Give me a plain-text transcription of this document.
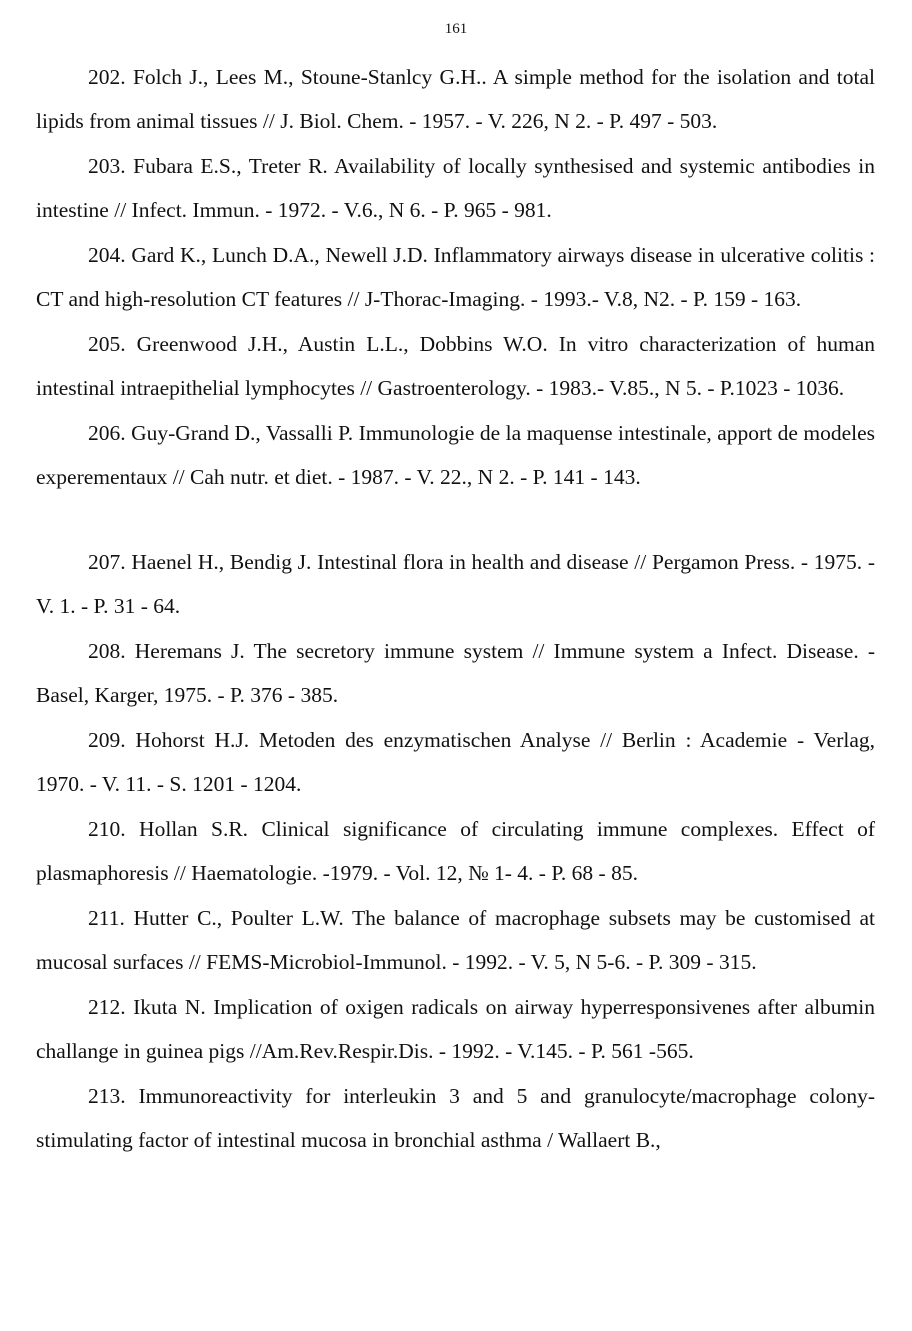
161

202. Folch J., Lees M., Stoune-Stanlcy G.H.. A simple method for the isolation and total lipids from animal tissues // J. Biol. Chem. - 1957. - V. 226, N 2. - P. 497 - 503.

203. Fubara E.S., Treter R. Availability of locally synthesised and systemic antibodies in intestine // Infect. Immun. - 1972. - V.6., N 6. - P. 965 - 981.

204. Gard K., Lunch D.A., Newell J.D. Inflammatory airways disease in ulcerative colitis : CT and high-resolution CT features // J-Thorac-Imaging. - 1993.- V.8, N2. - P. 159 - 163.

205. Greenwood J.H., Austin L.L., Dobbins W.O. In vitro characterization of human intestinal intraepithelial lymphocytes // Gastroenterology. - 1983.- V.85., N 5. - P.1023 - 1036.

206. Guy-Grand D., Vassalli P. Immunologie de la maquense intestinale, apport de modeles experementaux // Cah nutr. et diet. - 1987. - V. 22., N 2. - P. 141 - 143.

207. Haenel H., Bendig J. Intestinal flora in health and disease // Pergamon Press. - 1975. - V. 1. - P. 31 - 64.

208. Heremans J. The secretory immune system // Immune system a Infect. Disease. - Basel, Karger, 1975. - P. 376 - 385.

209. Hohorst H.J. Metoden des enzymatischen Analyse // Berlin : Academie - Verlag, 1970. - V. 11. - S. 1201 - 1204.

210. Hollan S.R. Clinical significance of circulating immune complexes. Effect of plasmaphoresis // Haematologie. -1979. - Vol. 12, № 1- 4. - P. 68 - 85.

211. Hutter C., Poulter L.W. The balance of macrophage subsets may be customised at mucosal surfaces // FEMS-Microbiol-Immunol. - 1992. - V. 5, N 5-6. - P. 309 - 315.

212. Ikuta N. Implication of oxigen radicals on airway hyperresponsivenes after albumin challange in guinea pigs //Am.Rev.Respir.Dis. - 1992. - V.145. - P. 561 -565.

213. Immunoreactivity for interleukin 3 and 5 and granulocyte/macrophage colony-stimulating factor of intestinal mucosa in bronchial asthma / Wallaert B.,
